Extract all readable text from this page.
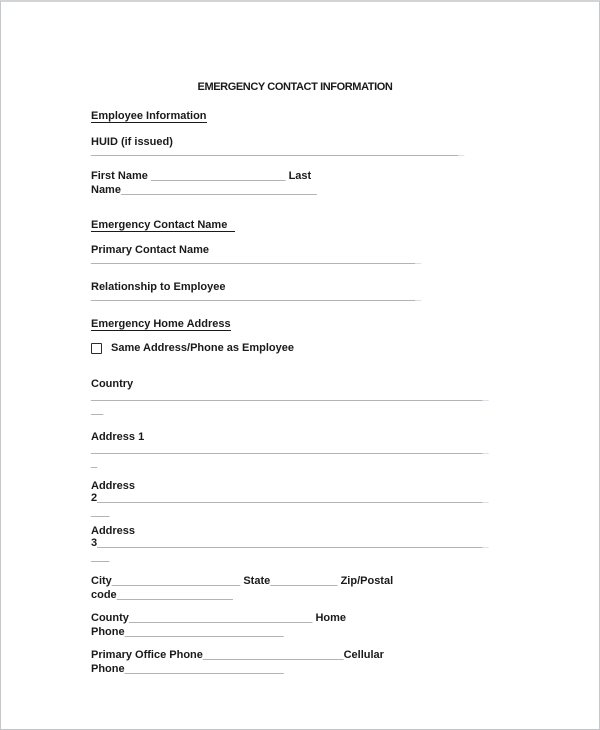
EMERGENCY CONTACT INFORMATION
Employee Information
HUID (if issued)
_____________________________________________________________
First Name ______________________ Last
Name________________________________
Emergency Contact Name
Primary Contact Name
______________________________________________________
Relationship to Employee
______________________________________________________
Emergency Home Address
Same Address/Phone as Employee
Country
_________________________________________________________________
__
Address 1
_________________________________________________________________
_
Address
2________________________________________________________________
___
Address
3________________________________________________________________
___
City_____________________ State___________ Zip/Postal
code___________________
County______________________________ Home
Phone__________________________
Primary Office Phone_______________________Cellular
Phone__________________________
